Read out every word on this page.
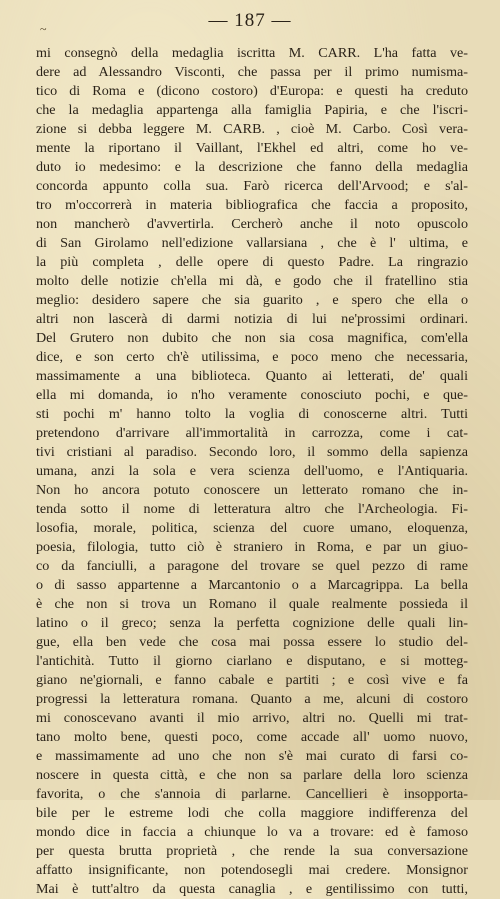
~	— 187 —
mi consegnò della medaglia iscritta M. CARR. L'ha fatta ve-
dere ad Alessandro Visconti, che passa per il primo numisma-
tico di Roma e (dicono costoro) d'Europa: e questi ha creduto
che la medaglia appartenga alla famiglia Papiria, e che l'iscri-
zione si debba leggere M. CARB. , cioè M. Carbo. Così vera-
mente la riportano il Vaillant, l'Ekhel ed altri, come ho ve-
duto io medesimo: e la descrizione che fanno della medaglia
concorda appunto colla sua. Farò ricerca dell'Arvood; e s'al-
tro m'occorrerà in materia bibliografica che faccia a proposito,
non mancherò d'avvertirla. Cercherò anche il noto opuscolo
di San Girolamo nell'edizione vallarsiana , che è l' ultima, e
la più completa , delle opere di questo Padre. La ringrazio
molto delle notizie ch'ella mi dà, e godo che il fratellino stia
meglio: desidero sapere che sia guarito , e spero che ella o
altri non lascerà di darmi notizia di lui ne'prossimi ordinari.
Del Grutero non dubito che non sia cosa magnifica, com'ella
dice, e son certo ch'è utilissima, e poco meno che necessaria,
massimamente a una biblioteca. Quanto ai letterati, de' quali
ella mi domanda, io n'ho veramente conosciuto pochi, e que-
sti pochi m' hanno tolto la voglia di conoscerne altri. Tutti
pretendono d'arrivare all'immortalità in carrozza, come i cat-
tivi cristiani al paradiso. Secondo loro, il sommo della sapienza
umana, anzi la sola e vera scienza dell'uomo, e l'Antiquaria.
Non ho ancora potuto conoscere un letterato romano che in-
tenda sotto il nome di letteratura altro che l'Archeologia. Fi-
losofia, morale, politica, scienza del cuore umano, eloquenza,
poesia, filologia, tutto ciò è straniero in Roma, e par un giuo-
co da fanciulli, a paragone del trovare se quel pezzo di rame
o di sasso appartenne a Marcantonio o a Marcagrippa. La bella
è che non si trova un Romano il quale realmente possieda il
latino o il greco; senza la perfetta cognizione delle quali lin-
gue, ella ben vede che cosa mai possa essere lo studio del-
l'antichità. Tutto il giorno ciarlano e disputano, e si motteg-
giano ne'giornali, e fanno cabale e partiti ; e così vive e fa
progressi la letteratura romana. Quanto a me, alcuni di costoro
mi conoscevano avanti il mio arrivo, altri no. Quelli mi trat-
tano molto bene, questi poco, come accade all' uomo nuovo,
e massimamente ad uno che non s'è mai curato di farsi co-
noscere in questa città, e che non sa parlare della loro scienza
favorita, o che s'annoia di parlarne. Cancellieri è insopporta-
bile per le estreme lodi che colla maggiore indifferenza del
mondo dice in faccia a chiunque lo va a trovare: ed è famoso
per questa brutta proprietà , che rende la sua conversazione
affatto insignificante, non potendosegli mai credere. Monsignor
Mai è tutt'altro da questa canaglia , e gentilissimo con tutti,
